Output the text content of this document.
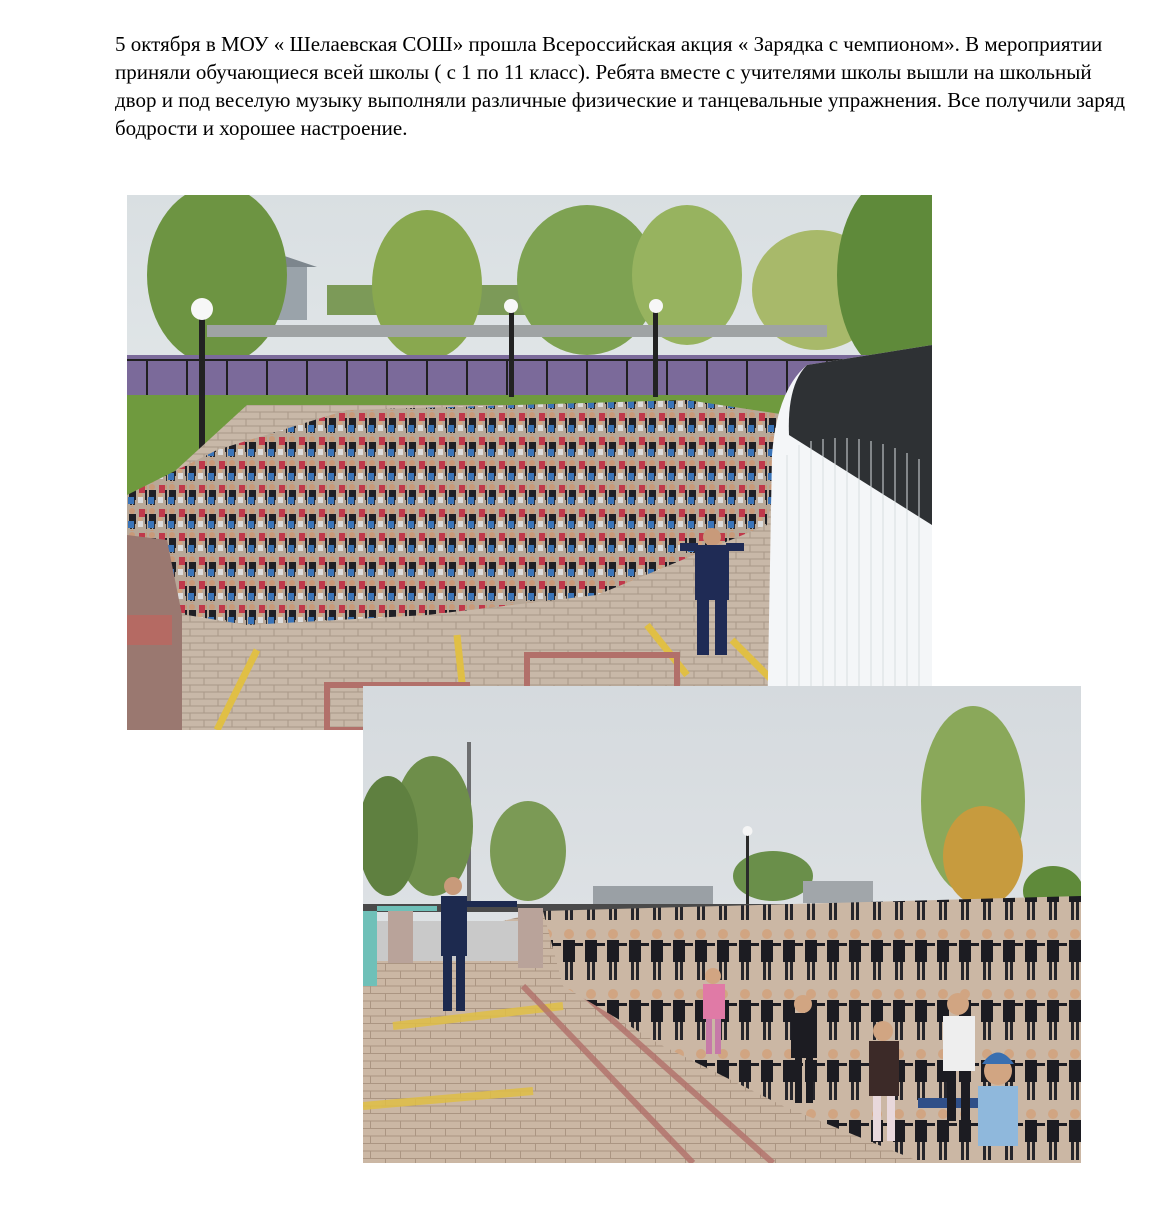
5 октября в МОУ « Шелаевская СОШ» прошла Всероссийская акция « Зарядка с чемпионом». В мероприятии приняли обучающиеся всей школы ( с 1 по 11 класс). Ребята вместе с учителями школы вышли на школьный двор и под веселую музыку выполняли различные физические и танцевальные упражнения. Все получили заряд бодрости и хорошее настроение.
